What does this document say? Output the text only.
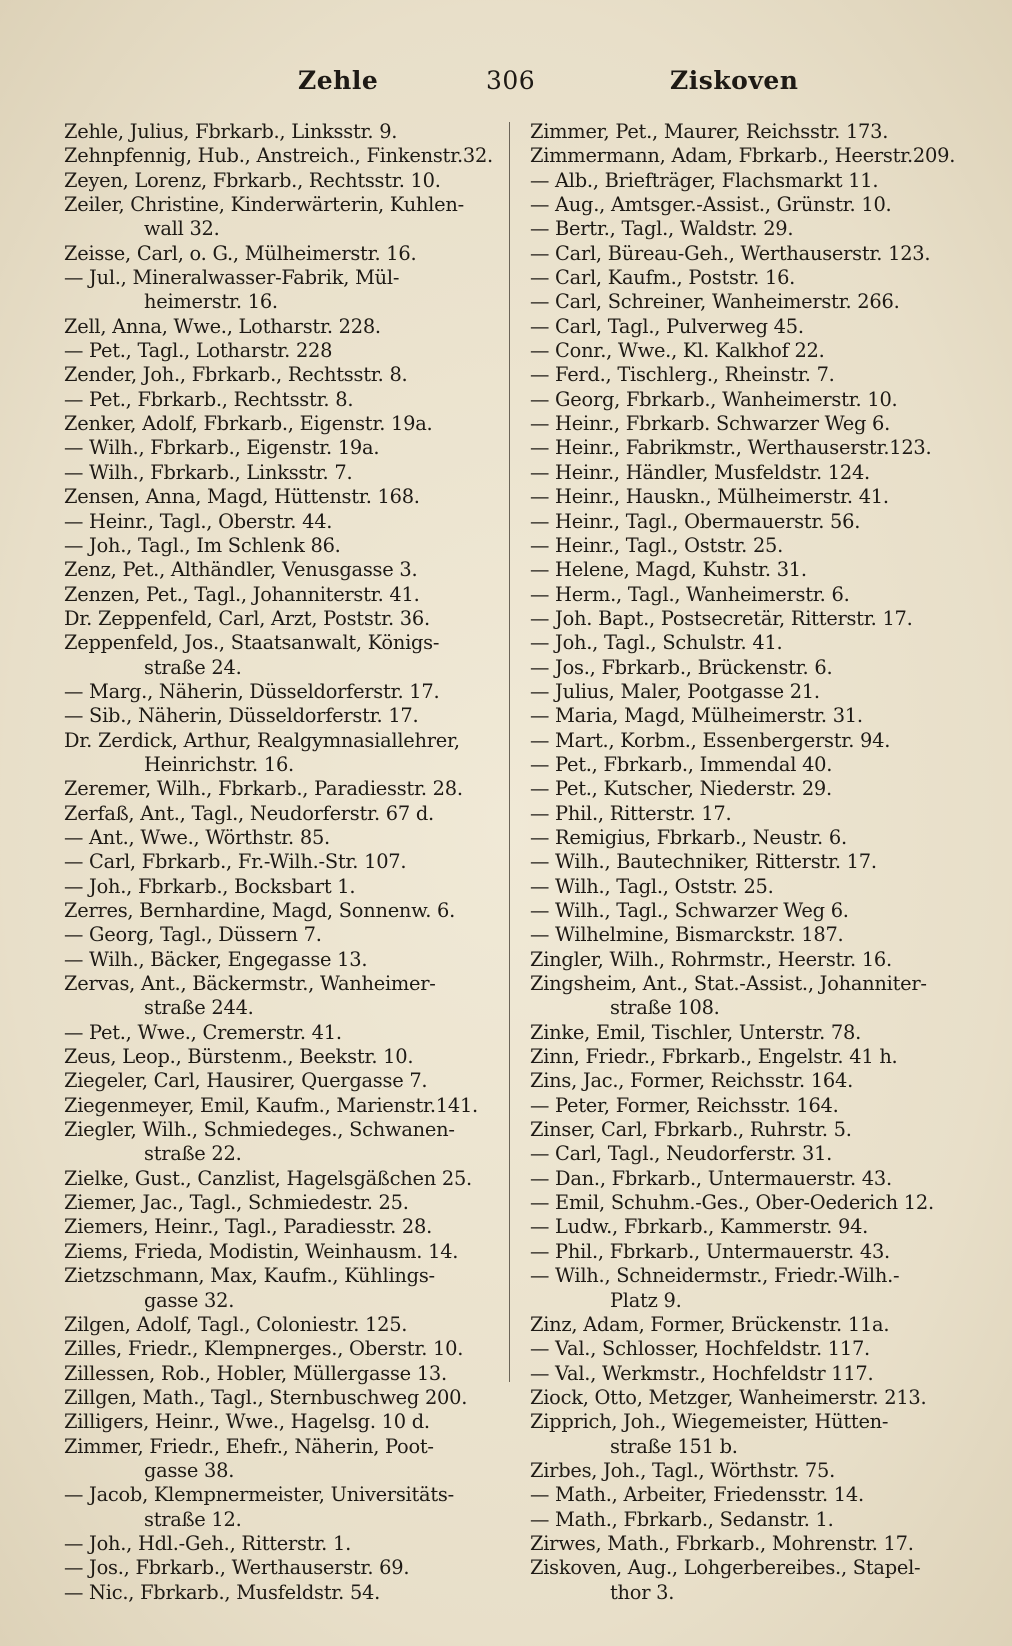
Zehle	306	Ziskoven
Zehle, Julius, Fbrkarb., Linksstr. 9.
Zehnpfennig, Hub., Anstreich., Finkenstr.32.
Zeyen, Lorenz, Fbrkarb., Rechtsstr. 10.
Zeiler, Christine, Kinderwärterin, Kuhlen-
wall 32.
Zeisse, Carl, o. G., Mülheimerstr. 16.
— Jul., Mineralwasser-Fabrik, Mül-
heimerstr. 16.
Zell, Anna, Wwe., Lotharstr. 228.
— Pet., Tagl., Lotharstr. 228
Zender, Joh., Fbrkarb., Rechtsstr. 8.
— Pet., Fbrkarb., Rechtsstr. 8.
Zenker, Adolf, Fbrkarb., Eigenstr. 19a.
— Wilh., Fbrkarb., Eigenstr. 19a.
— Wilh., Fbrkarb., Linksstr. 7.
Zensen, Anna, Magd, Hüttenstr. 168.
— Heinr., Tagl., Oberstr. 44.
— Joh., Tagl., Im Schlenk 86.
Zenz, Pet., Althändler, Venusgasse 3.
Zenzen, Pet., Tagl., Johanniterstr. 41.
Dr. Zeppenfeld, Carl, Arzt, Poststr. 36.
Zeppenfeld, Jos., Staatsanwalt, Königs-
straße 24.
— Marg., Näherin, Düsseldorferstr. 17.
— Sib., Näherin, Düsseldorferstr. 17.
Dr. Zerdick, Arthur, Realgymnasiallehrer,
Heinrichstr. 16.
Zeremer, Wilh., Fbrkarb., Paradiesstr. 28.
Zerfaß, Ant., Tagl., Neudorferstr. 67 d.
— Ant., Wwe., Wörthstr. 85.
— Carl, Fbrkarb., Fr.-Wilh.-Str. 107.
— Joh., Fbrkarb., Bocksbart 1.
Zerres, Bernhardine, Magd, Sonnenw. 6.
— Georg, Tagl., Düssern 7.
— Wilh., Bäcker, Engegasse 13.
Zervas, Ant., Bäckermstr., Wanheimer-
straße 244.
— Pet., Wwe., Cremerstr. 41.
Zeus, Leop., Bürstenm., Beekstr. 10.
Ziegeler, Carl, Hausirer, Quergasse 7.
Ziegenmeyer, Emil, Kaufm., Marienstr.141.
Ziegler, Wilh., Schmiedeges., Schwanen-
straße 22.
Zielke, Gust., Canzlist, Hagelsgäßchen 25.
Ziemer, Jac., Tagl., Schmiedestr. 25.
Ziemers, Heinr., Tagl., Paradiesstr. 28.
Ziems, Frieda, Modistin, Weinhausm. 14.
Zietzschmann, Max, Kaufm., Kühlings-
gasse 32.
Zilgen, Adolf, Tagl., Coloniestr. 125.
Zilles, Friedr., Klempnerges., Oberstr. 10.
Zillessen, Rob., Hobler, Müllergasse 13.
Zillgen, Math., Tagl., Sternbuschweg 200.
Zilligers, Heinr., Wwe., Hagelsg. 10 d.
Zimmer, Friedr., Ehefr., Näherin, Poot-
gasse 38.
— Jacob, Klempnermeister, Universitäts-
straße 12.
— Joh., Hdl.-Geh., Ritterstr. 1.
— Jos., Fbrkarb., Werthauserstr. 69.
— Nic., Fbrkarb., Musfeldstr. 54.
Zimmer, Pet., Maurer, Reichsstr. 173.
Zimmermann, Adam, Fbrkarb., Heerstr.209.
— Alb., Briefträger, Flachsmarkt 11.
— Aug., Amtsger.-Assist., Grünstr. 10.
— Bertr., Tagl., Waldstr. 29.
— Carl, Büreau-Geh., Werthauserstr. 123.
— Carl, Kaufm., Poststr. 16.
— Carl, Schreiner, Wanheimerstr. 266.
— Carl, Tagl., Pulverweg 45.
— Conr., Wwe., Kl. Kalkhof 22.
— Ferd., Tischlerg., Rheinstr. 7.
— Georg, Fbrkarb., Wanheimerstr. 10.
— Heinr., Fbrkarb. Schwarzer Weg 6.
— Heinr., Fabrikmstr., Werthauserstr.123.
— Heinr., Händler, Musfeldstr. 124.
— Heinr., Hauskn., Mülheimerstr. 41.
— Heinr., Tagl., Obermauerstr. 56.
— Heinr., Tagl., Oststr. 25.
— Helene, Magd, Kuhstr. 31.
— Herm., Tagl., Wanheimerstr. 6.
— Joh. Bapt., Postsecretär, Ritterstr. 17.
— Joh., Tagl., Schulstr. 41.
— Jos., Fbrkarb., Brückenstr. 6.
— Julius, Maler, Pootgasse 21.
— Maria, Magd, Mülheimerstr. 31.
— Mart., Korbm., Essenbergerstr. 94.
— Pet., Fbrkarb., Immendal 40.
— Pet., Kutscher, Niederstr. 29.
— Phil., Ritterstr. 17.
— Remigius, Fbrkarb., Neustr. 6.
— Wilh., Bautechniker, Ritterstr. 17.
— Wilh., Tagl., Oststr. 25.
— Wilh., Tagl., Schwarzer Weg 6.
— Wilhelmine, Bismarckstr. 187.
Zingler, Wilh., Rohrmstr., Heerstr. 16.
Zingsheim, Ant., Stat.-Assist., Johanniter-
straße 108.
Zinke, Emil, Tischler, Unterstr. 78.
Zinn, Friedr., Fbrkarb., Engelstr. 41 h.
Zins, Jac., Former, Reichsstr. 164.
— Peter, Former, Reichsstr. 164.
Zinser, Carl, Fbrkarb., Ruhrstr. 5.
— Carl, Tagl., Neudorferstr. 31.
— Dan., Fbrkarb., Untermauerstr. 43.
— Emil, Schuhm.-Ges., Ober-Oederich 12.
— Ludw., Fbrkarb., Kammerstr. 94.
— Phil., Fbrkarb., Untermauerstr. 43.
— Wilh., Schneidermstr., Friedr.-Wilh.-
Platz 9.
Zinz, Adam, Former, Brückenstr. 11a.
— Val., Schlosser, Hochfeldstr. 117.
— Val., Werkmstr., Hochfeldstr 117.
Ziock, Otto, Metzger, Wanheimerstr. 213.
Zipprich, Joh., Wiegemeister, Hütten-
straße 151 b.
Zirbes, Joh., Tagl., Wörthstr. 75.
— Math., Arbeiter, Friedensstr. 14.
— Math., Fbrkarb., Sedanstr. 1.
Zirwes, Math., Fbrkarb., Mohrenstr. 17.
Ziskoven, Aug., Lohgerbereibes., Stapel-
thor 3.
